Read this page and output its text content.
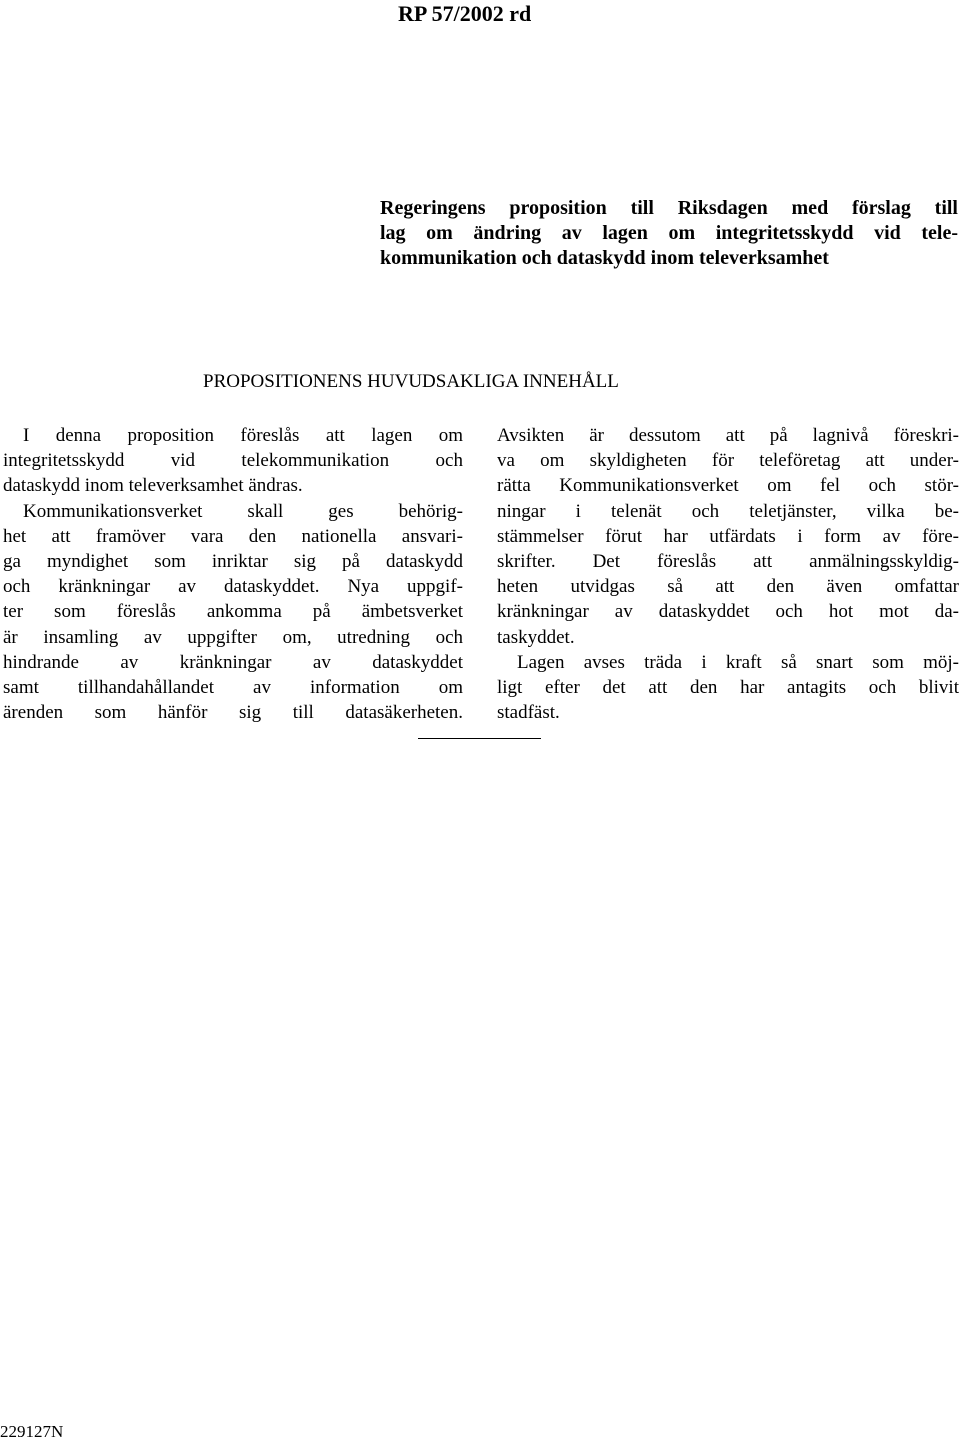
RP 57/2002 rd
Regeringens proposition till Riksdagen med förslag till
lag om ändring av lagen om integritetsskydd vid tele-
kommunikation och dataskydd inom televerksamhet
PROPOSITIONENS HUVUDSAKLIGA INNEHÅLL
I denna proposition föreslås att lagen om
integritetsskydd vid telekommunikation och
dataskydd inom televerksamhet ändras.
Kommunikationsverket skall ges behörig-
het att framöver vara den nationella ansvari-
ga myndighet som inriktar sig på dataskydd
och kränkningar av dataskyddet. Nya uppgif-
ter som föreslås ankomma på ämbetsverket
är insamling av uppgifter om, utredning och
hindrande av kränkningar av dataskyddet
samt tillhandahållandet av information om
ärenden som hänför sig till datasäkerheten.
Avsikten är dessutom att på lagnivå föreskri-
va om skyldigheten för teleföretag att under-
rätta Kommunikationsverket om fel och stör-
ningar i telenät och teletjänster, vilka be-
stämmelser förut har utfärdats i form av före-
skrifter. Det föreslås att anmälningsskyldig-
heten utvidgas så att den även omfattar
kränkningar av dataskyddet och hot mot da-
taskyddet.
Lagen avses träda i kraft så snart som möj-
ligt efter det att den har antagits och blivit
stadfäst.
229127N
